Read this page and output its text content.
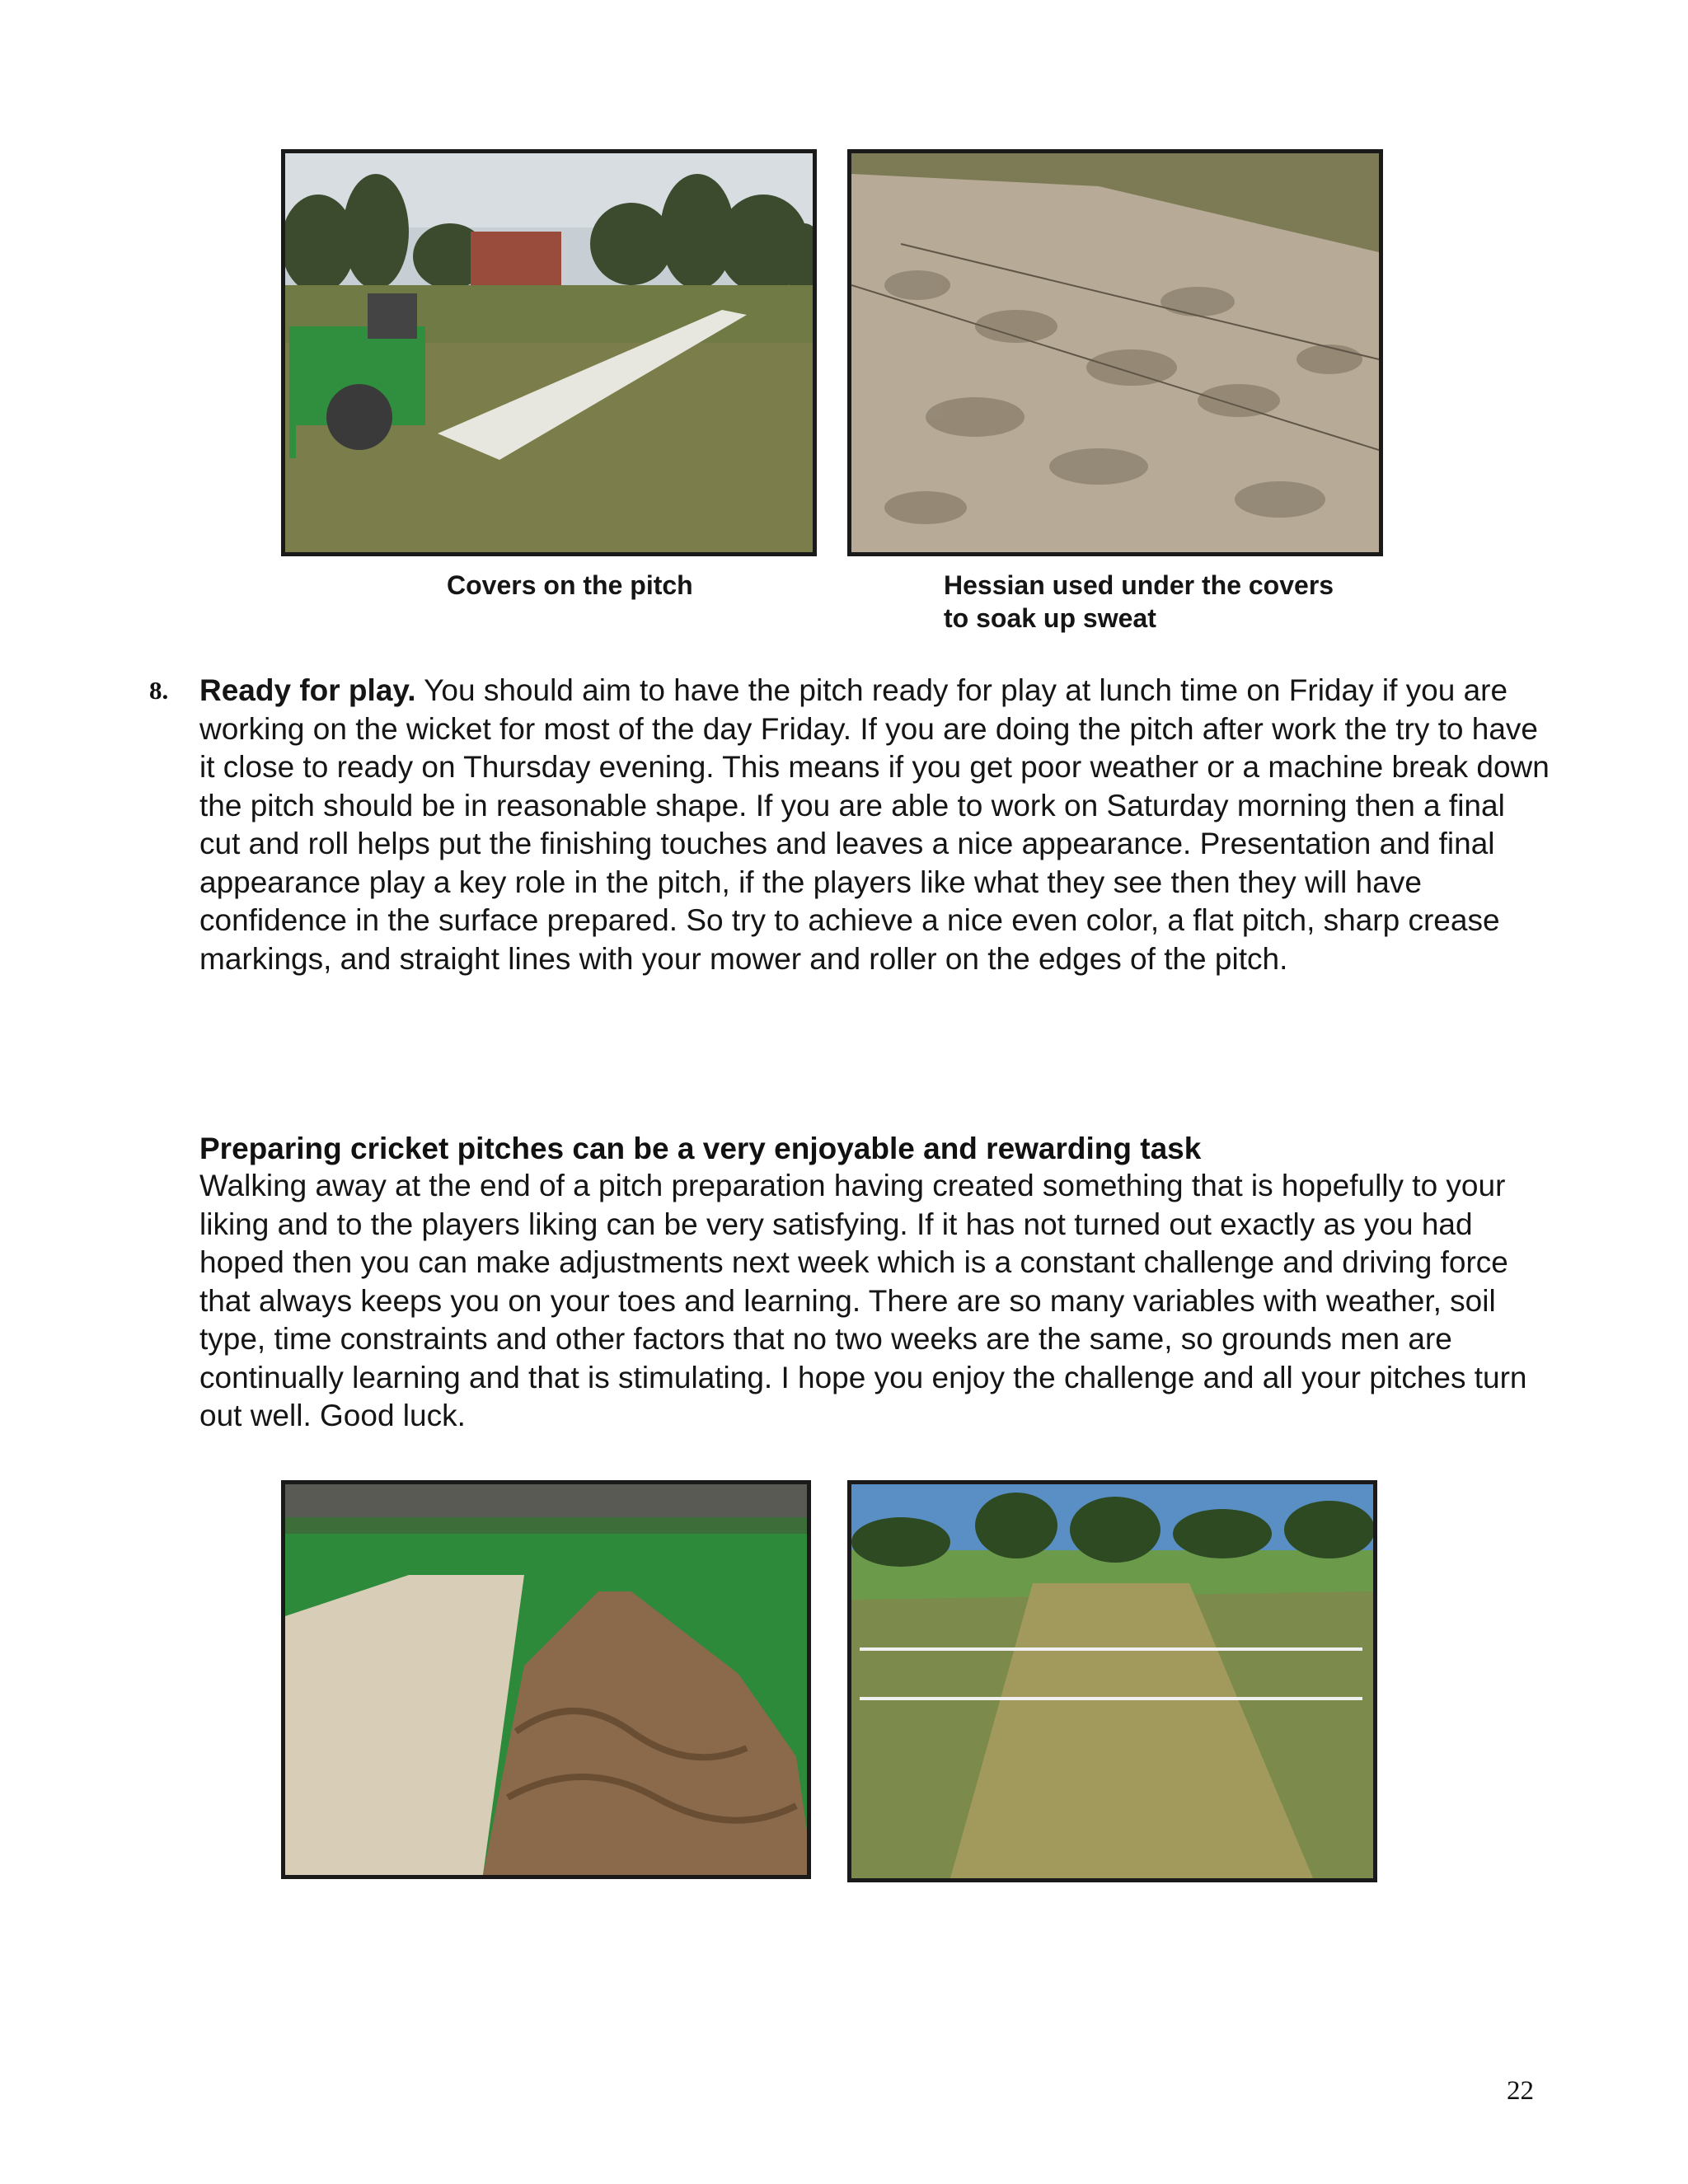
Covers on the pitch	Hessian used under the covers
to soak up sweat
8. Ready for play. You should aim to have the pitch ready for play at lunch time on Friday if you are working on the wicket for most of the day Friday. If you are doing the pitch after work the try to have it close to ready on Thursday evening. This means if you get poor weather or a machine break down the pitch should be in reasonable shape. If you are able to work on Saturday morning then a final cut and roll helps put the finishing touches and leaves a nice appearance. Presentation and final appearance play a key role in the pitch, if the players like what they see then they will have confidence in the surface prepared. So try to achieve a nice even color, a flat pitch, sharp crease markings, and straight lines with your mower and roller on the edges of the pitch.
Preparing cricket pitches can be a very enjoyable and rewarding task
Walking away at the end of a pitch preparation having created something that is hopefully to your liking and to the players liking can be very satisfying. If it has not turned out exactly as you had hoped then you can make adjustments next week which is a constant challenge and driving force that always keeps you on your toes and learning. There are so many variables with weather, soil type, time constraints and other factors that no two weeks are the same, so grounds men are continually learning and that is stimulating. I hope you enjoy the challenge and all your pitches turn out well. Good luck.
22
